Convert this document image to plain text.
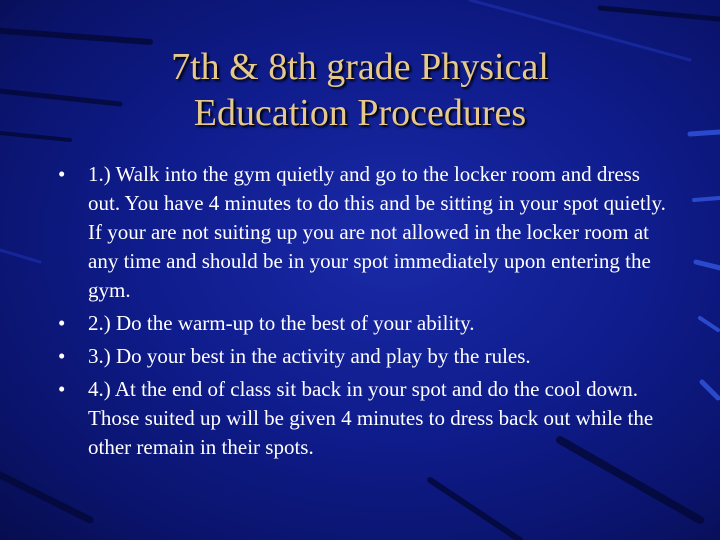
7th & 8th grade Physical
Education Procedures
• 1.) Walk into the gym quietly and go to the locker room and dress out. You have 4 minutes to do this and be sitting in your spot quietly. If your are not suiting up you are not allowed in the locker room at any time and should be in your spot immediately upon entering the gym.
• 2.) Do the warm-up to the best of your ability.
• 3.) Do your best in the activity and play by the rules.
• 4.) At the end of class sit back in your spot and do the cool down. Those suited up will be given 4 minutes to dress back out while the other remain in their spots.
